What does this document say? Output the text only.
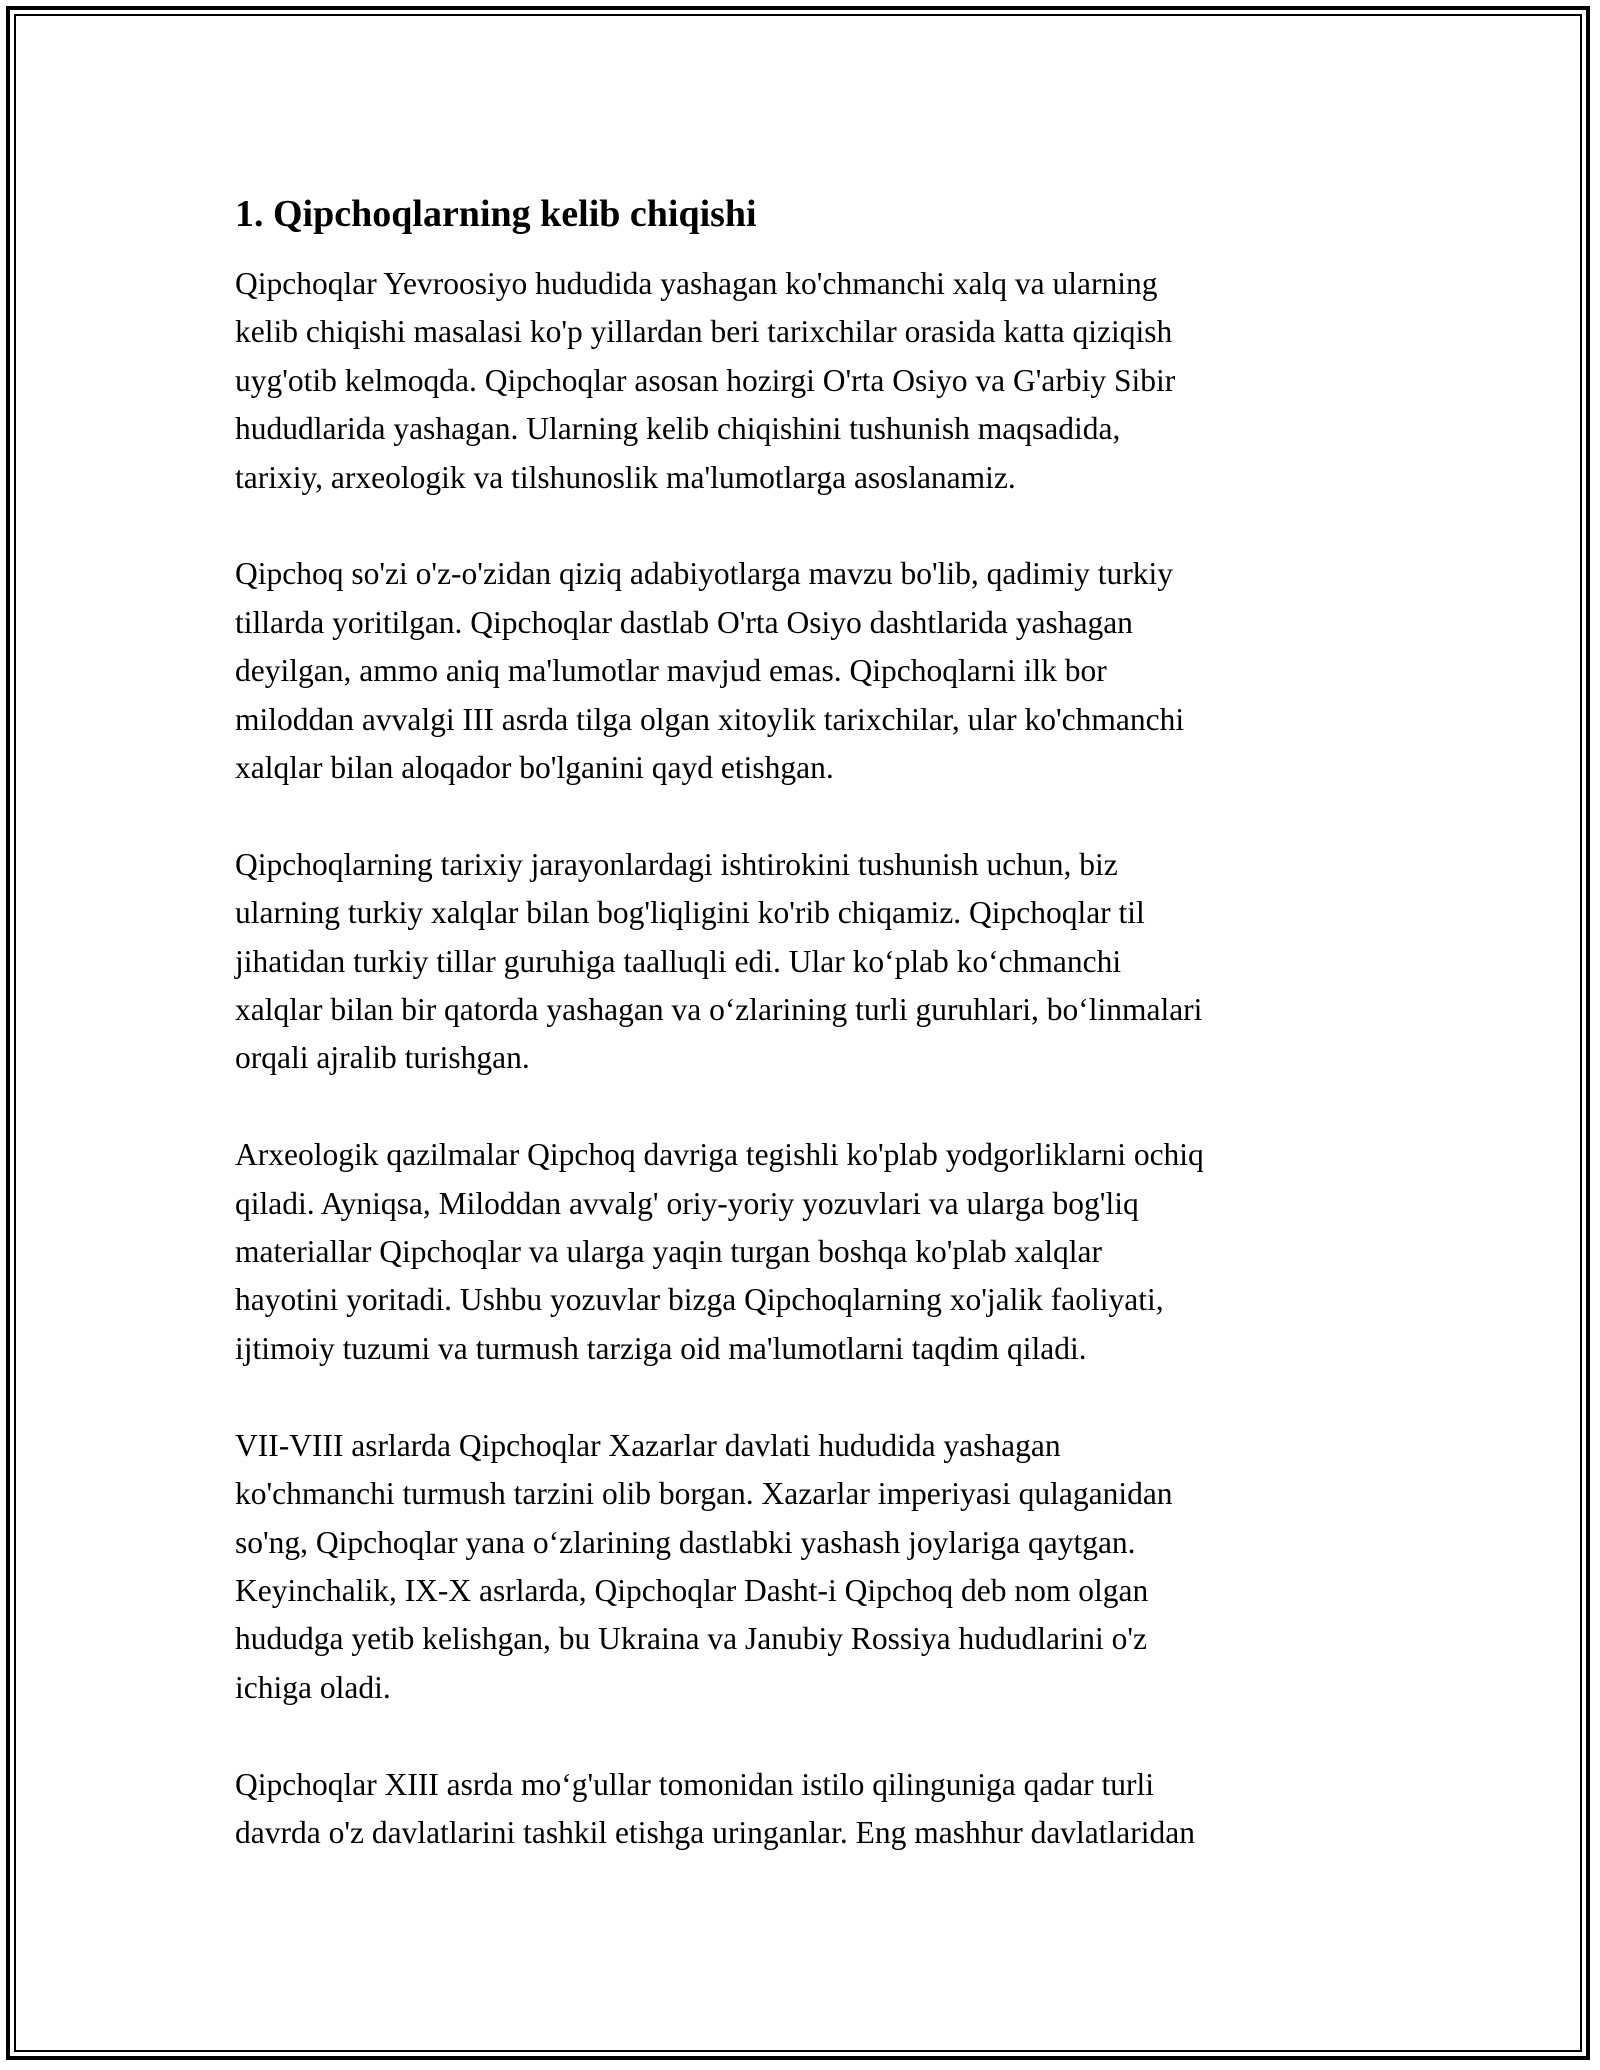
1. Qipchoqlarning kelib chiqishi

Qipchoqlar Yevroosiyo hududida yashagan ko'chmanchi xalq va ularning
kelib chiqishi masalasi ko'p yillardan beri tarixchilar orasida katta qiziqish
uyg'otib kelmoqda. Qipchoqlar asosan hozirgi O'rta Osiyo va G'arbiy Sibir
hududlarida yashagan. Ularning kelib chiqishini tushunish maqsadida,
tarixiy, arxeologik va tilshunoslik ma'lumotlarga asoslanamiz.

Qipchoq so'zi o'z-o'zidan qiziq adabiyotlarga mavzu bo'lib, qadimiy turkiy
tillarda yoritilgan. Qipchoqlar dastlab O'rta Osiyo dashtlarida yashagan
deyilgan, ammo aniq ma'lumotlar mavjud emas. Qipchoqlarni ilk bor
miloddan avvalgi III asrda tilga olgan xitoylik tarixchilar, ular ko'chmanchi
xalqlar bilan aloqador bo'lganini qayd etishgan.

Qipchoqlarning tarixiy jarayonlardagi ishtirokini tushunish uchun, biz
ularning turkiy xalqlar bilan bog'liqligini ko'rib chiqamiz. Qipchoqlar til
jihatidan turkiy tillar guruhiga taalluqli edi. Ular ko‘plab ko‘chmanchi
xalqlar bilan bir qatorda yashagan va o‘zlarining turli guruhlari, bo‘linmalari
orqali ajralib turishgan.

Arxeologik qazilmalar Qipchoq davriga tegishli ko'plab yodgorliklarni ochiq
qiladi. Ayniqsa, Miloddan avvalg' oriy-yoriy yozuvlari va ularga bog'liq
materiallar Qipchoqlar va ularga yaqin turgan boshqa ko'plab xalqlar
hayotini yoritadi. Ushbu yozuvlar bizga Qipchoqlarning xo'jalik faoliyati,
ijtimoiy tuzumi va turmush tarziga oid ma'lumotlarni taqdim qiladi.

VII-VIII asrlarda Qipchoqlar Xazarlar davlati hududida yashagan
ko'chmanchi turmush tarzini olib borgan. Xazarlar imperiyasi qulaganidan
so'ng, Qipchoqlar yana o‘zlarining dastlabki yashash joylariga qaytgan.
Keyinchalik, IX-X asrlarda, Qipchoqlar Dasht-i Qipchoq deb nom olgan
hududga yetib kelishgan, bu Ukraina va Janubiy Rossiya hududlarini o'z
ichiga oladi.

Qipchoqlar XIII asrda mo‘g'ullar tomonidan istilo qilinguniga qadar turli
davrda o'z davlatlarini tashkil etishga uringanlar. Eng mashhur davlatlaridan
